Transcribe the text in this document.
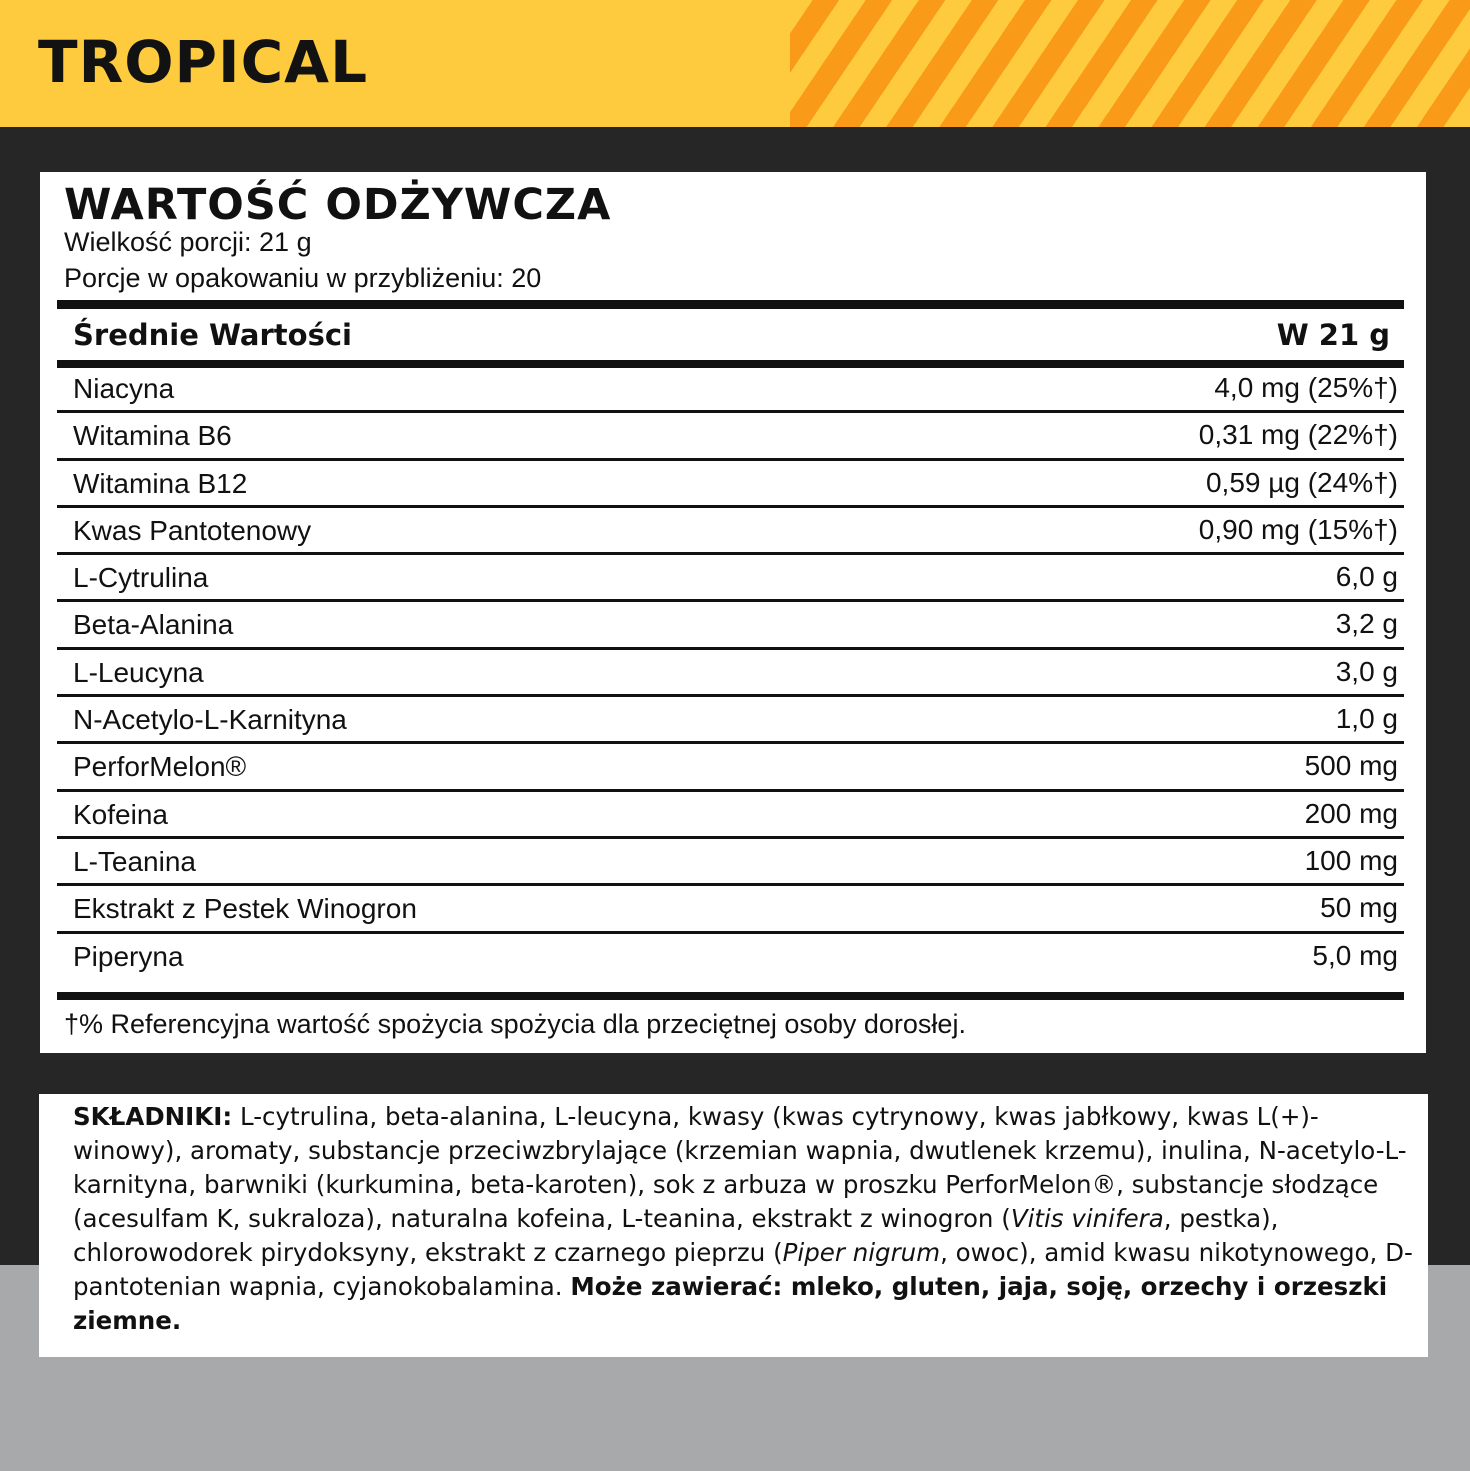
TROPICAL
WARTOŚĆ ODŻYWCZA
Wielkość porcji: 21 g
Porcje w opakowaniu w przybliżeniu: 20
Średnie Wartości	W 21 g
Niacyna	4,0 mg (25%†)
Witamina B6	0,31 mg (22%†)
Witamina B12	0,59 µg (24%†)
Kwas Pantotenowy	0,90 mg (15%†)
L-Cytrulina	6,0 g
Beta-Alanina	3,2 g
L-Leucyna	3,0 g
N-Acetylo-L-Karnityna	1,0 g
PerforMelon®	500 mg
Kofeina	200 mg
L-Teanina	100 mg
Ekstrakt z Pestek Winogron	50 mg
Piperyna	5,0 mg
†% Referencyjna wartość spożycia spożycia dla przeciętnej osoby dorosłej.

SKŁADNIKI: L-cytrulina, beta-alanina, L-leucyna, kwasy (kwas cytrynowy, kwas jabłkowy, kwas L(+)-winowy), aromaty, substancje przeciwzbrylające (krzemian wapnia, dwutlenek krzemu), inulina, N-acetylo-L-karnityna, barwniki (kurkumina, beta-karoten), sok z arbuza w proszku PerforMelon®, substancje słodzące (acesulfam K, sukraloza), naturalna kofeina, L-teanina, ekstrakt z winogron (Vitis vinifera, pestka), chlorowodorek pirydoksyny, ekstrakt z czarnego pieprzu (Piper nigrum, owoc), amid kwasu nikotynowego, D-pantotenian wapnia, cyjanokobalamina. Może zawierać: mleko, gluten, jaja, soję, orzechy i orzeszki ziemne.
